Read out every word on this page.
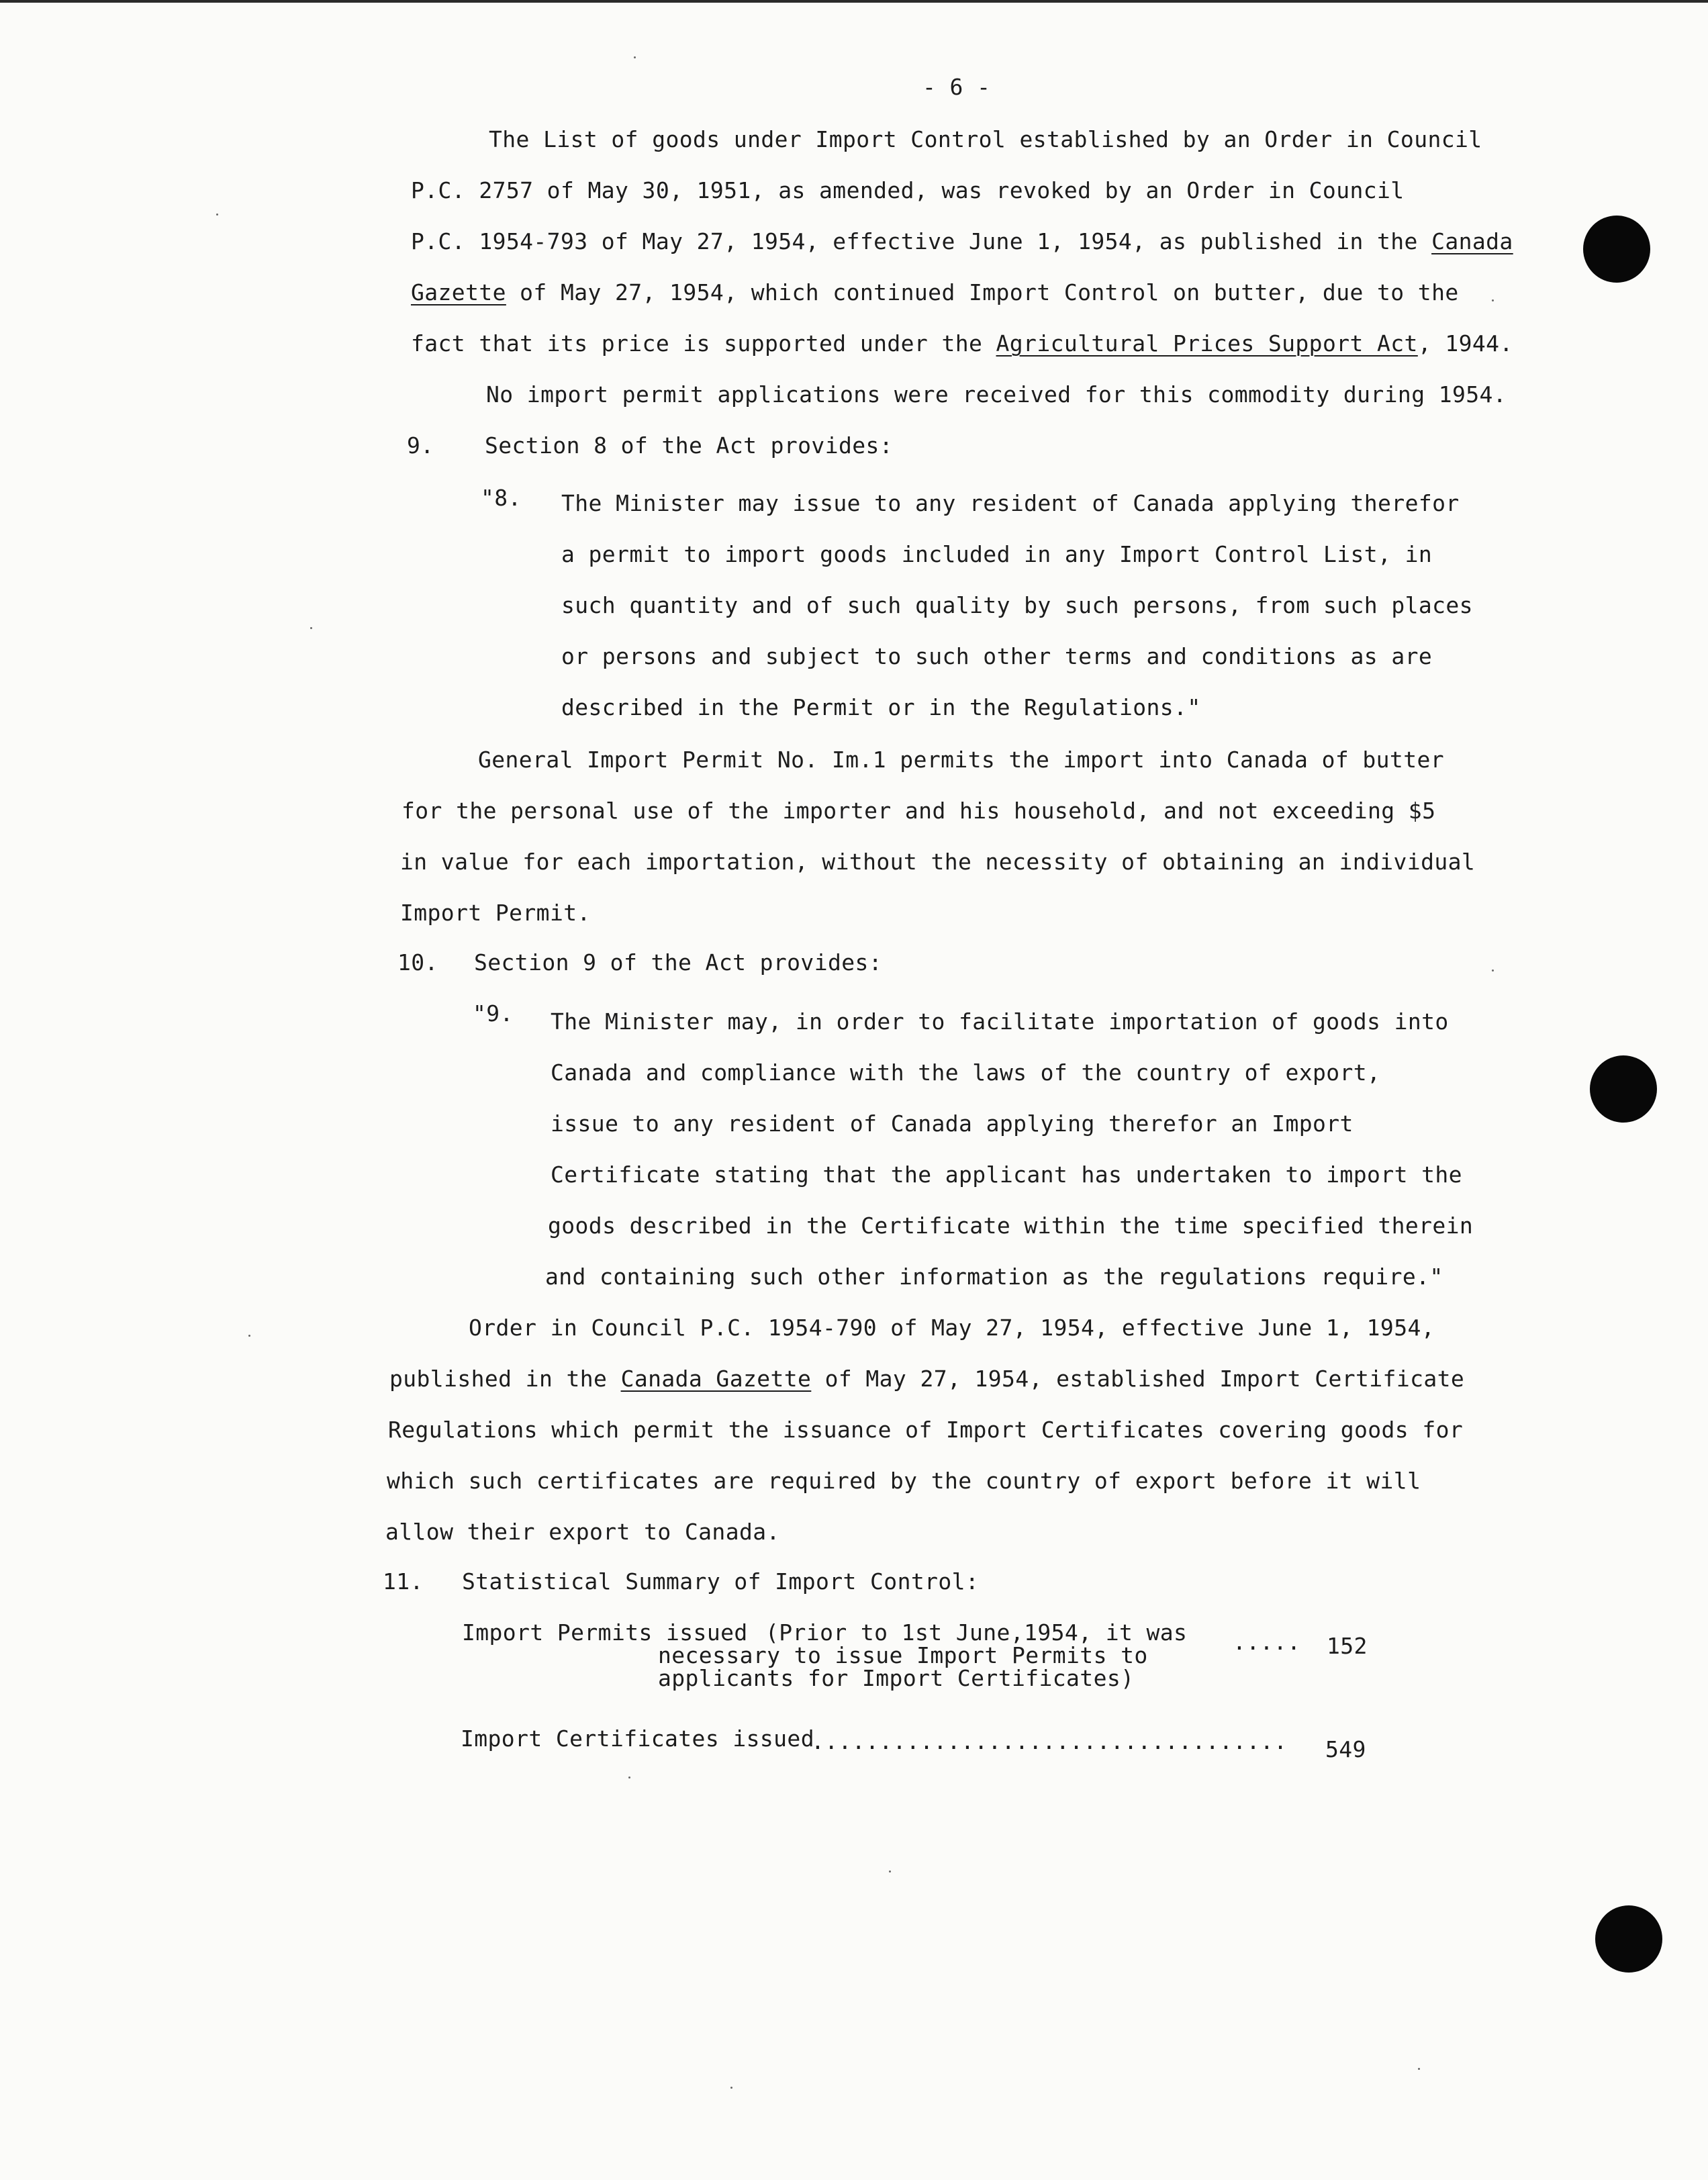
- 6 -
The List of goods under Import Control established by an Order in Council
P.C. 2757 of May 30, 1951, as amended, was revoked by an Order in Council
P.C. 1954-793 of May 27, 1954, effective June 1, 1954, as published in the Canada
Gazette of May 27, 1954, which continued Import Control on butter, due to the
fact that its price is supported under the Agricultural Prices Support Act, 1944.
No import permit applications were received for this commodity during 1954.
9. Section 8 of the Act provides:
"8. The Minister may issue to any resident of Canada applying therefor
a permit to import goods included in any Import Control List, in
such quantity and of such quality by such persons, from such places
or persons and subject to such other terms and conditions as are
described in the Permit or in the Regulations."
General Import Permit No. Im.1 permits the import into Canada of butter
for the personal use of the importer and his household, and not exceeding $5
in value for each importation, without the necessity of obtaining an individual
Import Permit.
10. Section 9 of the Act provides:
"9. The Minister may, in order to facilitate importation of goods into
Canada and compliance with the laws of the country of export,
issue to any resident of Canada applying therefor an Import
Certificate stating that the applicant has undertaken to import the
goods described in the Certificate within the time specified therein
and containing such other information as the regulations require."
Order in Council P.C. 1954-790 of May 27, 1954, effective June 1, 1954,
published in the Canada Gazette of May 27, 1954, established Import Certificate
Regulations which permit the issuance of Import Certificates covering goods for
which such certificates are required by the country of export before it will
allow their export to Canada.
11. Statistical Summary of Import Control:
Import Permits issued (Prior to 1st June,1954, it was
necessary to issue Import Permits to
applicants for Import Certificates)
..... 152
Import Certificates issued
................................... 549
